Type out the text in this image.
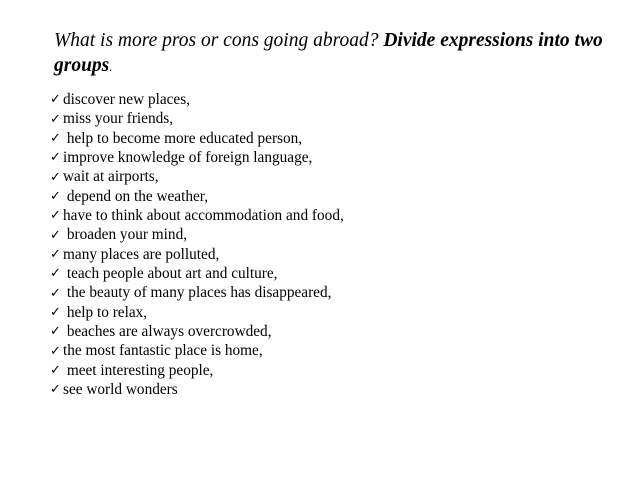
What is more pros or cons going abroad? Divide expressions into two groups.
✓ discover new places,
✓ miss your friends,
✓ help to become more educated person,
✓ improve knowledge of foreign language,
✓ wait at airports,
✓ depend on the weather,
✓ have to think about accommodation and food,
✓ broaden your mind,
✓ many places are polluted,
✓ teach people about art and culture,
✓ the beauty of many places has disappeared,
✓ help to relax,
✓ beaches are always overcrowded,
✓ the most fantastic place is home,
✓ meet interesting people,
✓ see world wonders
